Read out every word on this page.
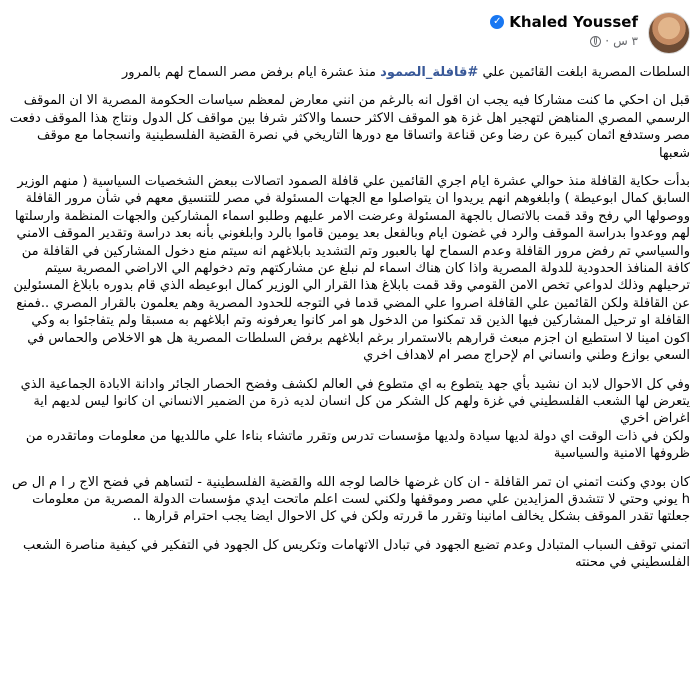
✓ Khaled Youssef
· ٣ س

السلطات المصرية ابلغت القائمين علي #قافلة_الصمود منذ عشرة ايام برفض مصر السماح لهم بالمرور

قبل ان احكي ما كنت مشاركا فيه يجب ان اقول انه بالرغم من انني معارض لمعظم سياسات الحكومة المصرية الا ان الموقف الرسمي المصري المناهض لتهجير اهل غزة هو الموقف الاكثر حسما والاكثر شرفا بين مواقف كل الدول ونتاج هذا الموقف دفعت مصر وستدفع اثمان كبيرة عن رضا وعن قناعة واتساقا مع دورها التاريخي في نصرة القضية الفلسطينية وانسجاما مع موقف شعبها

بدأت حكاية القافلة منذ حوالي عشرة ايام اجري القائمين علي قافلة الصمود اتصالات ببعض الشخصيات السياسية ( منهم الوزير السابق كمال ابوعيطة ) وابلغوهم انهم يريدوا ان يتواصلوا مع الجهات المسئولة في مصر للتنسيق معهم في شأن مرور القافلة ووصولها الي رفح وقد قمت بالاتصال بالجهة المسئولة وعرضت الامر عليهم وطلبو اسماء المشاركين والجهات المنظمة وارسلتها لهم ووعدوا بدراسة الموقف والرد في غضون ايام وبالفعل بعد يومين قاموا بالرد وابلغوني بأنه بعد دراسة وتقدير الموقف الامني والسياسي تم رفض مرور القافلة وعدم السماح لها بالعبور وتم التشديد بابلاغهم انه سيتم منع دخول المشاركين في القافلة من كافة المنافذ الحدودية للدولة المصرية واذا كان هناك اسماء لم نبلغ عن مشاركتهم وتم دخولهم الي الاراضي المصرية سيتم ترحيلهم وذلك لدواعي تخص الامن القومي وقد قمت بابلاغ هذا القرار الي الوزير كمال ابوعيطه الذي قام بدوره بابلاغ المسئولين عن القافلة ولكن القائمين علي القافلة اصروا علي المضي قدما في التوجه للحدود المصرية وهم يعلمون بالقرار المصري ..فمنع القافلة او ترحيل المشاركين فيها الذين قد تمكنوا من الدخول هو امر كانوا يعرفونه وتم ابلاغهم به مسبقا ولم يتفاجئوا به وكي اكون امينا لا استطيع ان اجزم مبعث قرارهم بالاستمرار برغم ابلاغهم برفض السلطات المصرية هل هو الاخلاص والحماس في السعي بوازع وطني وانساني ام لإحراج مصر ام لاهداف اخري

وفي كل الاحوال لابد ان نشيد بأي جهد يتطوع به اي متطوع في العالم لكشف وفضح الحصار الجائر وادانة الابادة الجماعية الذي يتعرض لها الشعب الفلسطيني في غزة ولهم كل الشكر من كل انسان لديه ذرة من الضمير الانساني ان كانوا ليس لديهم اية اغراض اخري
ولكن في ذات الوقت اي دولة لديها سيادة ولديها مؤسسات تدرس وتقرر ماتشاء بناءا علي ماللديها من معلومات وماتقدره من ظروفها الامنية والسياسية

كان بودي وكنت اتمني ان تمر القافلة - ان كان غرضها خالصا لوجه الله والقضية الفلسطينية - لتساهم في فضح الاج ر ا م ال ص h يوني وحتي لا تتشدق المزايدين علي مصر وموقفها ولكني لست اعلم ماتحت ايدي مؤسسات الدولة المصرية من معلومات جعلتها تقدر الموقف بشكل يخالف امانينا وتقرر ما قررته ولكن في كل الاحوال ايضا يجب احترام قرارها ..

اتمني توقف السباب المتبادل وعدم تضيع الجهود في تبادل الاتهامات وتكريس كل الجهود في التفكير في كيفية مناصرة الشعب الفلسطيني في محنته
